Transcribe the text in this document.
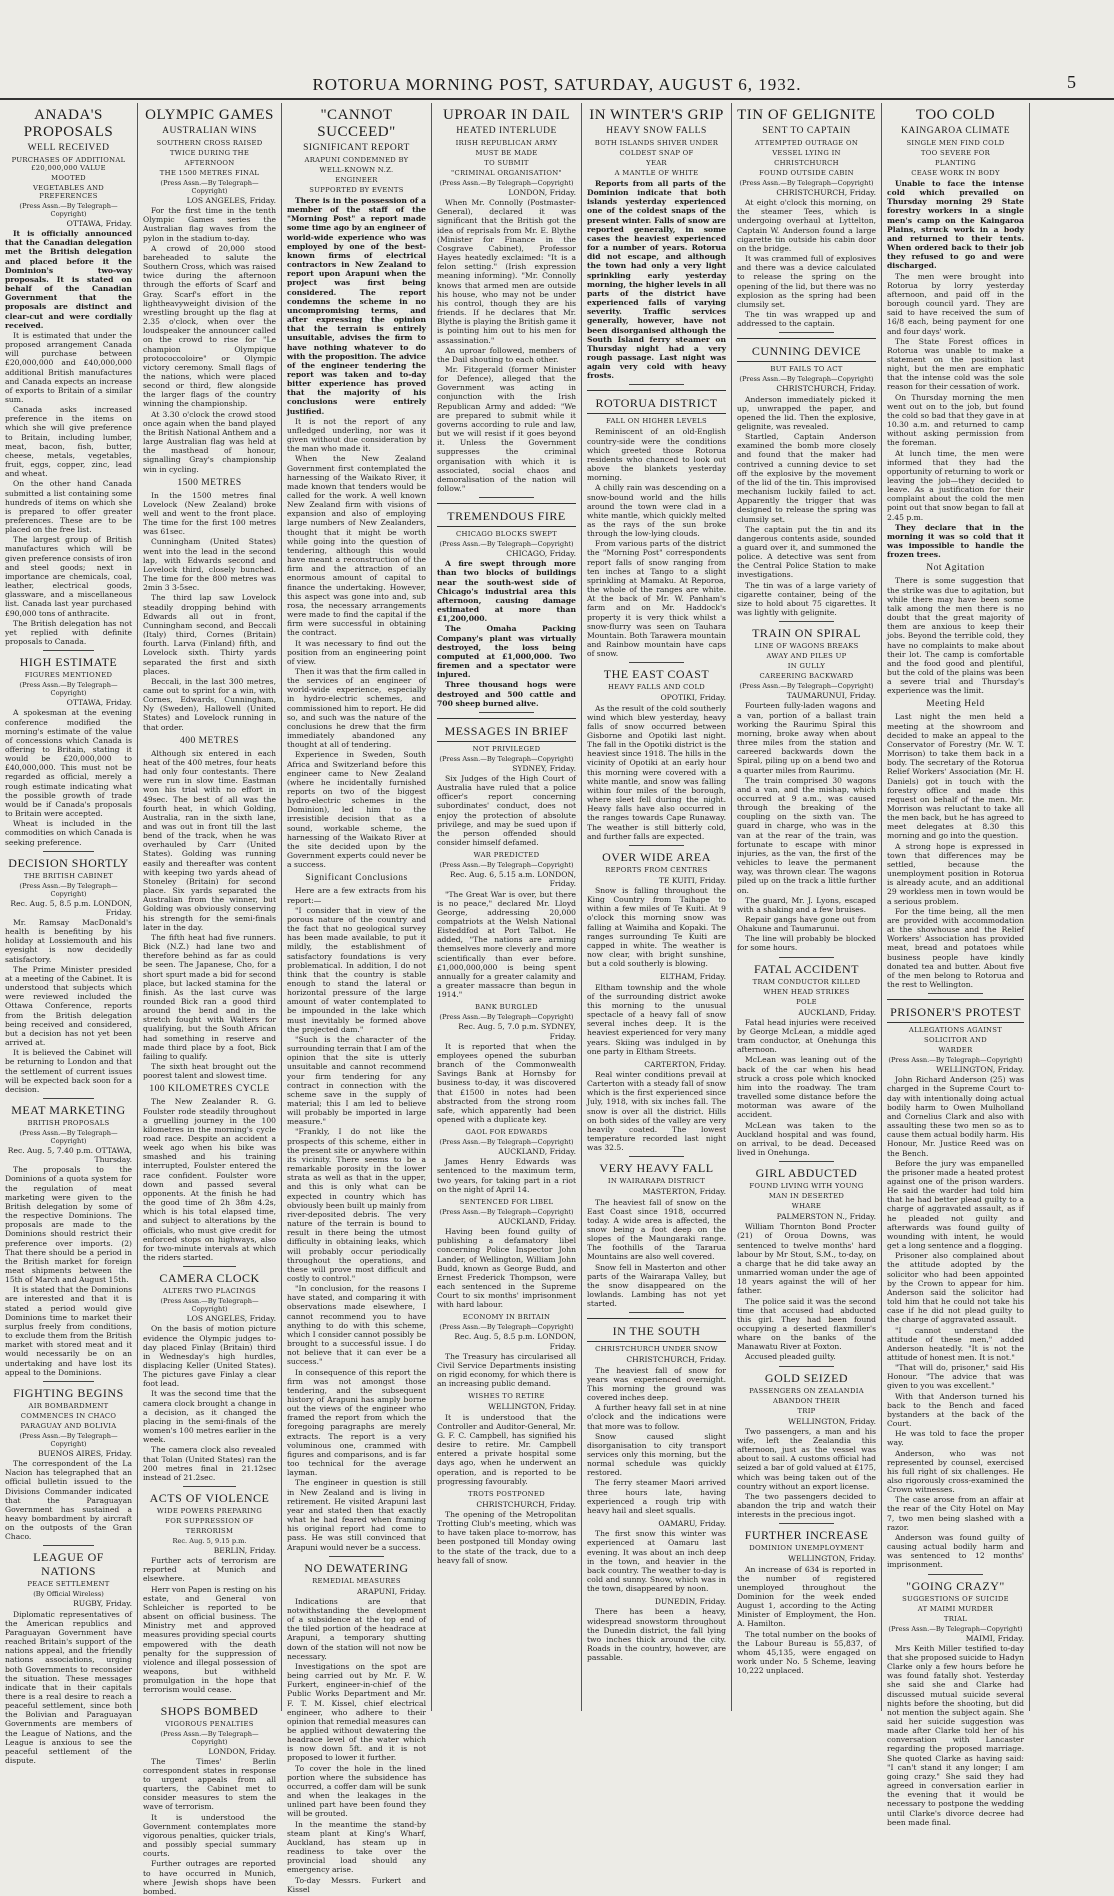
ROTORUA MORNING POST, SATURDAY, AUGUST 6, 1932.	5
ANADA'S PROPOSALS
WELL RECEIVED
PURCHASES OF ADDITIONAL £20,000,000 VALUE
MOOTED
VEGETABLES AND PREFERENCES
(Press Assn.—By Telegraph—Copyright)
OTTAWA, Friday.

It is officially announced that the Canadian delegation met the British delegation and placed before it the Dominion's two-way proposals. It is stated on behalf of the Canadian Government that the proposals are distinct and clear-cut and were cordially received.

It is estimated that under the proposed arrangement Canada will purchase between £20,000,000 and £40,000,000 additional British manufactures and Canada expects an increase of exports to Britain of a similar sum.

Canada asks increased preference in the items on which she will give preference to Britain, including lumber, meat, bacon, fish, butter, cheese, metals, vegetables, fruit, eggs, copper, zinc, lead and wheat.

On the other hand Canada submitted a list containing some hundreds of items on which she is prepared to offer greater preferences. These are to be placed on the free list.

The largest group of British manufactures which will be given preference consists of iron and steel goods; next in importance are chemicals, coal, leather, electrical goods, glassware, and a miscellaneous list. Canada last year purchased £90,000 tons of anthracite.

The British delegation has not yet replied with definite proposals to Canada.

HIGH ESTIMATE
FIGURES MENTIONED
(Press Assn.—By Telegraph—Copyright)
OTTAWA, Friday.

A spokesman at the evening conference modified the morning's estimate of the value of concessions which Canada is offering to Britain, stating it would be £20,000,000 to £40,000,000. This must not be regarded as official, merely a rough estimate indicating what the possible growth of trade would be if Canada's proposals to Britain were accepted.

Wheat is included in the commodities on which Canada is seeking preference.

DECISION SHORTLY
THE BRITISH CABINET
(Press Assn.—By Telegraph—Copyright)
Rec. Aug. 5, 8.5 p.m. LONDON, Friday.

Mr. Ramsay MacDonald's health is benefiting by his holiday at Lossiemouth and his eyesight is now decidedly satisfactory.

The Prime Minister presided at a meeting of the Cabinet. It is understood that subjects which were reviewed included the Ottawa Conference, reports from the British delegation being received and considered, but a decision has not yet been arrived at.

It is believed the Cabinet will be returning to London and that the settlement of current issues will be expected back soon for a decision.

MEAT MARKETING
BRITISH PROPOSALS
(Press Assn.—By Telegraph—Copyright)
Rec. Aug. 5, 7.40 p.m. OTTAWA, Thursday.

The proposals to the Dominions of a quota system for the regulation of meat marketing were given to the British delegation by some of the respective Dominions. The proposals are made to the Dominions should restrict their preference over imports. (2) That there should be a period in the British market for foreign meat shipments between the 15th of March and August 15th.

It is stated that the Dominions are interested and that it is stated a period would give Dominions time to market their surplus freely from conditions, to exclude them from the British market with stored meat and it would necessarily be on an undertaking and have lost its appeal to the Dominions.

FIGHTING BEGINS
AIR BOMBARDMENT
COMMENCES IN CHACO
PARAGUAY AND BOLIVIA
(Press Assn.—By Telegraph—Copyright)
BUENOS AIRES, Friday.

The correspondent of the La Nacion has telegraphed that an official bulletin issued to the Divisions Commander indicated that the Paraguayan Government has sustained a heavy bombardment by aircraft on the outposts of the Gran Chaco.

LEAGUE OF NATIONS
PEACE SETTLEMENT
(By Official Wireless)
RUGBY, Friday.

Diplomatic representatives of the American republics and Paraguayan Government have reached Britain's support of the nations appeal, and the friendly nations associations, urging both Governments to reconsider the situation. These messages indicate that in their capitals there is a real desire to reach a peaceful settlement, since both the Bolivian and Paraguayan Governments are members of the League of Nations, and the League is anxious to see the peaceful settlement of the dispute.

OLYMPIC GAMES
AUSTRALIAN WINS
SOUTHERN CROSS RAISED
TWICE DURING THE
AFTERNOON
THE 1500 METRES FINAL
(Press Assn.—By Telegraph—Copyright)
LOS ANGELES, Friday.

For the first time in the tenth Olympic Games series the Australian flag waves from the pylon in the stadium to-day.

A crowd of 20,000 stood bareheaded to salute the Southern Cross, which was raised twice during the afternoon through the efforts of Scarf and Gray. Scarf's effort in the lightheavyweight division of the wrestling brought up the flag at 2.35 o'clock, when over the loudspeaker the announcer called on the crowd to rise for "Le champion Olympique protococcoloire" or Olympic victory ceremony. Small flags of the nations, which were placed second or third, flew alongside the larger flags of the country winning the championship.

At 3.30 o'clock the crowd stood once again when the band played the British National Anthem and a large Australian flag was held at the masthead of honour, signalling Gray's championship win in cycling.

1500 METRES

In the 1500 metres final Lovelock (New Zealand) broke well and went to the front place. The time for the first 100 metres was 61sec.

Cunningham (United States) went into the lead in the second lap, with Edwards second and Lovelock third, closely bunched. The time for the 800 metres was 2min 3 3-5sec.

The third lap saw Lovelock steadily dropping behind with Edwards all out in front, Cunningham second, and Beccali (Italy) third, Cornes (Britain) fourth. Larva (Finland) fifth, and Lovelock sixth. Thirty yards separated the first and sixth places.

Beccali, in the last 300 metres, came out to sprint for a win, with Cornes, Edwards, Cunningham, Ny (Sweden), Hallowell (United States) and Lovelock running in that order.

400 METRES

Although six entered in each heat of the 400 metres, four heats had only four contestants. There were run in slow time. Eastman won his trial with no effort in 49sec. The best of all was the fourth heat, in which Golding, Australia, ran in the sixth lane, and was out in front till the last bend of the track, when he was overhauled by Carr (United States). Golding was running easily and thereafter was content with keeping two yards ahead of Stoneley (Britain) for second place. Six yards separated the Australian from the winner, but Golding was obviously conserving his strength for the semi-finals later in the day.

The fifth heat had five runners. Bick (N.Z.) had lane two and therefore behind as far as could be seen. The Japanese, Cho, for a short spurt made a bid for second place, but lacked stamina for the finish. As the last curve was rounded Bick ran a good third around the bend and in the stretch fought with Walters for qualifying, but the South African had something in reserve and made third place by a foot, Bick failing to qualify.

The sixth heat brought out the poorest talent and slowest time.

100 KILOMETRES CYCLE

The New Zealander R. G. Foulster rode steadily throughout a gruelling journey in the 100 kilometres in the morning's cycle road race. Despite an accident a week ago when his bike was smashed and his training interrupted, Foulster entered the race confident. Foulster wore down and passed several opponents. At the finish he had the good time of 2h 38m 4.2s, which is his total elapsed time, and subject to alterations by the officials, who must give credit for enforced stops on highways, also for two-minute intervals at which the riders started.

CAMERA CLOCK
ALTERS TWO PLACINGS
(Press Assn.—By Telegraph—Copyright)
LOS ANGELES, Friday.

On the basis of motion picture evidence the Olympic judges to-day placed Finlay (Britain) third in Wednesday's high hurdles, displacing Keller (United States). The pictures gave Finlay a clear foot lead.

It was the second time that the camera clock brought a change in a decision, as it changed the placing in the semi-finals of the women's 100 metres earlier in the week.

The camera clock also revealed that Tolan (United States) ran the 200 metres final in 21.12sec instead of 21.2sec.

ACTS OF VIOLENCE
WIDE POWERS PREPARING
FOR SUPPRESSION OF
TERRORISM
Rec. Aug. 5, 9.15 p.m.
BERLIN, Friday.

Further acts of terrorism are reported at Munich and elsewhere.

Herr von Papen is resting on his estate, and General von Schleicher is reported to be absent on official business. The Ministry met and approved measures providing special courts empowered with the death penalty for the suppression of violence and illegal possession of weapons, but withheld promulgation in the hope that terrorism would cease.

SHOPS BOMBED
VIGOROUS PENALTIES
(Press Assn.—By Telegraph—Copyright)
LONDON, Friday.

The Times' Berlin correspondent states in response to urgent appeals from all quarters, the Cabinet met to consider measures to stem the wave of terrorism.

It is understood the Government contemplates more vigorous penalties, quicker trials, and possibly special summary courts.

Further outrages are reported to have occurred in Munich, where Jewish shops have been bombed.

"CANNOT SUCCEED"
SIGNIFICANT REPORT
ARAPUNI CONDEMNED BY
WELL-KNOWN N.Z.
ENGINEER
SUPPORTED BY EVENTS

There is in the possession of a member of the staff of the "Morning Post" a report made some time ago by an engineer of world-wide experience who was employed by one of the best-known firms of electrical contractors in New Zealand to report upon Arapuni when the project was first being considered. The report condemns the scheme in no uncompromising terms, and after expressing the opinion that the terrain is entirely unsuitable, advises the firm to have nothing whatever to do with the proposition. The advice of the engineer tendering the report was taken and to-day bitter experience has proved that the majority of his conclusions were entirely justified.

It is not the report of any unfledged underling, nor was it given without due consideration by the man who made it.

When the New Zealand Government first contemplated the harnessing of the Waikato River, it made known that tenders would be called for the work. A well known New Zealand firm with visions of expansion and also of employing large numbers of New Zealanders, thought that it might be worth while going into the question of tendering, although this would have meant a reconstruction of the firm and the attraction of an enormous amount of capital to finance the undertaking. However, this aspect was gone into and, sub rosa, the necessary arrangements were made to find the capital if the firm were successful in obtaining the contract.

It was necessary to find out the position from an engineering point of view.

Then it was that the firm called in the services of an engineer of world-wide experience, especially in hydro-electric schemes, and commissioned him to report. He did so, and such was the nature of the conclusions he drew that the firm immediately abandoned any thought at all of tendering.

Experience in Sweden, South Africa and Switzerland before this engineer came to New Zealand (where he incidentally furnished reports on two of the biggest hydro-electric schemes in the Dominion), led him to the irresistible decision that as a sound, workable scheme, the harnessing of the Waikato River at the site decided upon by the Government experts could never be a success.

Significant Conclusions

Here are a few extracts from his report:—

"I consider that in view of the porous nature of the country and the fact that no geological survey has been made available, to put it mildly, the establishment of satisfactory foundations is very problematical. In addition, I do not think that the country is stable enough to stand the lateral or horizontal pressure of the large amount of water contemplated to be impounded in the lake which must inevitably be formed above the projected dam."

"Such is the character of the surrounding terrain that I am of the opinion that the site is utterly unsuitable and cannot recommend your firm tendering for any contract in connection with the scheme save in the supply of material; this I am led to believe will probably be imported in large measure."

"Frankly, I do not like the prospects of this scheme, either in the present site or anywhere within its vicinity. There seems to be a remarkable porosity in the lower strata as well as that in the upper, and this is only what can be expected in country which has obviously been built up mainly from river-deposited debris. The very nature of the terrain is bound to result in there being the utmost difficulty in obtaining leaks, which will probably occur periodically throughout the operations, and these will prove most difficult and costly to control."

"In conclusion, for the reasons I have stated, and comparing it with observations made elsewhere, I cannot recommend you to have anything to do with this scheme, which I consider cannot possibly be brought to a successful issue. I do not believe that it can ever be a success."

In consequence of this report the firm was not amongst those tendering, and the subsequent history of Arapuni has amply borne out the views of the engineer who framed the report from which the foregoing paragraphs are merely extracts. The report is a very voluminous one, crammed with figures and comparisons, and is far too technical for the average layman.

The engineer in question is still in New Zealand and is living in retirement. He visited Arapuni last year and stated then that exactly what he had feared when framing his original report had come to pass. He was still convinced that Arapuni would never be a success.

NO DEWATERING
REMEDIAL MEASURES
ARAPUNI, Friday.

Indications are that notwithstanding the development of a subsidence at the top end of the tiled portion of the headrace at Arapuni, a temporary shutting down of the station will not now be necessary.

Investigations on the spot are being carried out by Mr. F. W. Furkert, engineer-in-chief of the Public Works Department and Mr. F. T. M. Kissel, chief electrical engineer, who adhere to their opinion that remedial measures can be applied without dewatering the headrace level of the water which is now down 5ft. and it is not proposed to lower it further.

To cover the hole in the lined portion where the subsidence has occurred, a coffer dam will be sunk and when the leakages in the unlined part have been found they will be grouted.

In the meantime the stand-by steam plant at King's Wharf, Auckland, has steam up in readiness to take over the provincial load should any emergency arise.

To-day Messrs. Furkert and Kissel

UPROAR IN DAIL
HEATED INTERLUDE
IRISH REPUBLICAN ARMY
MUST BE MADE
TO SUBMIT
"CRIMINAL ORGANISATION"
(Press Assn.—By Telegraph—Copyright)
LONDON, Friday.

When Mr. Connolly (Postmaster-General), declared it was significant that the British got the idea of reprisals from Mr. E. Blythe (Minister for Finance in the Cosgrave Cabinet), Professor Hayes heatedly exclaimed: "It is a felon setting." (Irish expression meaning informing). "Mr. Connolly knows that armed men are outside his house, who may not be under his control, though they are his friends. If he declares that Mr. Blythe is playing the British game it is pointing him out to his men for assassination."

An uproar followed, members of the Dail shouting to each other.

Mr. Fitzgerald (former Minister for Defence), alleged that the Government was acting in conjunction with the Irish Republican Army and added: "We are prepared to submit while it governs according to rule and law, but we will resist if it goes beyond it. Unless the Government suppresses the criminal organisation with which it is associated, social chaos and demoralisation of the nation will follow."

TREMENDOUS FIRE
CHICAGO BLOCKS SWEPT
(Press Assn.—By Telegraph—Copyright)
CHICAGO, Friday.

A fire swept through more than two blocks of buildings near the south-west side of Chicago's industrial area this afternoon, causing damage estimated at more than £1,200,000.

The Omaha Packing Company's plant was virtually destroyed, the loss being computed at £1,000,000. Two firemen and a spectator were injured.

Three thousand hogs were destroyed and 500 cattle and 700 sheep burned alive.

MESSAGES IN BRIEF
NOT PRIVILEGED
(Press Assn.—By Telegraph—Copyright)
SYDNEY, Friday.

Six Judges of the High Court of Australia have ruled that a police officer's report concerning subordinates' conduct, does not enjoy the protection of absolute privilege, and may be sued upon if the person offended should consider himself defamed.

WAR PREDICTED
(Press Assn.—By Telegraph—Copyright)
Rec. Aug. 6, 5.15 a.m. LONDON, Friday.

"The Great War is over, but there is no peace," declared Mr. Lloyd George, addressing 20,000 compatriots at the Welsh National Eisteddfod at Port Talbot. He added, "The nations are arming themselves more cleverly and more scientifically than ever before. £1,000,000,000 is being spent annually for a greater calamity and a greater massacre than begun in 1914."

BANK BURGLED
(Press Assn.—By Telegraph—Copyright)
Rec. Aug. 5, 7.0 p.m. SYDNEY, Friday.

It is reported that when the employees opened the suburban branch of the Commonwealth Savings Bank at Hornsby for business to-day, it was discovered that £1500 in notes had been abstracted from the strong room safe, which apparently had been opened with a duplicate key.

GAOL FOR EDWARDS
(Press Assn.—By Telegraph—Copyright)
AUCKLAND, Friday.

James Henry Edwards was sentenced to the maximum term, two years, for taking part in a riot on the night of April 14.

SENTENCED FOR LIBEL
(Press Assn.—By Telegraph—Copyright)
AUCKLAND, Friday.

Having been found guilty of publishing a defamatory libel concerning Police Inspector John Lander, of Wellington, William John Budd, known as George Budd, and Ernest Frederick Thompson, were each sentenced in the Supreme Court to six months' imprisonment with hard labour.

ECONOMY IN BRITAIN
(Press Assn.—By Telegraph—Copyright)
Rec. Aug. 5, 8.5 p.m. LONDON, Friday.

The Treasury has circularised all Civil Service Departments insisting on rigid economy, for which there is an increasing public demand.

WISHES TO RETIRE
WELLINGTON, Friday.

It is understood that the Controller and Auditor-General, Mr. G. F. C. Campbell, has signified his desire to retire. Mr. Campbell entered a private hospital some days ago, when he underwent an operation, and is reported to be progressing favourably.

TROTS POSTPONED
CHRISTCHURCH, Friday.

The opening of the Metropolitan Trotting Club's meeting, which was to have taken place to-morrow, has been postponed till Monday owing to the state of the track, due to a heavy fall of snow.

IN WINTER'S GRIP
HEAVY SNOW FALLS
BOTH ISLANDS SHIVER UNDER
COLDEST SNAP OF
YEAR
A MANTLE OF WHITE

Reports from all parts of the Dominion indicate that both islands yesterday experienced one of the coldest snaps of the present winter. Falls of snow are reported generally, in some cases the heaviest experienced for a number of years. Rotorua did not escape, and although the town had only a very light sprinkling early yesterday morning, the higher levels in all parts of the district have experienced falls of varying severity. Traffic services generally, however, have not been disorganised although the South Island ferry steamer on Thursday night had a very rough passage. Last night was again very cold with heavy frosts.

ROTORUA DISTRICT
FALL ON HIGHER LEVELS

Reminiscent of an old-English country-side were the conditions which greeted those Rotorua residents who chanced to look out above the blankets yesterday morning.

A chilly rain was descending on a snow-bound world and the hills around the town were clad in a white mantle, which quickly melted as the rays of the sun broke through the low-lying clouds.

From various parts of the district the "Morning Post" correspondents report falls of snow ranging from ten inches at Tango to a slight sprinkling at Mamaku. At Reporoa, the whole of the ranges are white. At the back of Mr. W. Panham's farm and on Mr. Haddock's property it is very thick whilst a snow-flurry was seen on Tauhara Mountain. Both Tarawera mountain and Rainbow mountain have caps of snow.

THE EAST COAST
HEAVY FALLS AND COLD
OPOTIKI, Friday.

As the result of the cold southerly wind which blew yesterday, heavy falls of snow occurred between Gisborne and Opotiki last night. The fall in the Opotiki district is the heaviest since 1918. The hills in the vicinity of Opotiki at an early hour this morning were covered with a white mantle, and snow was falling within four miles of the borough, where sleet fell during the night. Heavy falls have also occurred in the ranges towards Cape Runaway. The weather is still bitterly cold, and further falls are expected.

OVER WIDE AREA
REPORTS FROM CENTRES
TE KUITI, Friday.

Snow is falling throughout the King Country from Taihape to within a few miles of Te Kuiti. At 9 o'clock this morning snow was falling at Waimiha and Kopaki. The ranges surrounding Te Kuiti are capped in white. The weather is now clear, with bright sunshine, but a cold southerly is blowing.

ELTHAM, Friday.

Eltham township and the whole of the surrounding district awoke this morning to the unusual spectacle of a heavy fall of snow several inches deep. It is the heaviest experienced for very many years. Skiing was indulged in by one party in Eltham Streets.

CARTERTON, Friday.

Real winter conditions prevail at Carterton with a steady fall of snow which is the first experienced since July, 1918, with six inches fall. The snow is over all the district. Hills on both sides of the valley are very heavily coated. The lowest temperature recorded last night was 32.5.

VERY HEAVY FALL
IN WAIRARAPA DISTRICT
MASTERTON, Friday.

The heaviest fall of snow on the East Coast since 1918, occurred today. A wide area is affected, the snow being a foot deep on the slopes of the Maungaraki range. The foothills of the Tararua Mountains are also well covered.

Snow fell in Masterton and other parts of the Wairarapa Valley, but the snow disappeared on the lowlands. Lambing has not yet started.

IN THE SOUTH
CHRISTCHURCH UNDER SNOW
CHRISTCHURCH, Friday.

The heaviest fall of snow for years was experienced overnight. This morning the ground was covered inches deep.

A further heavy fall set in at nine o'clock and the indications were that more was to follow.

Snow caused slight disorganisation to city transport services only this morning, but the normal schedule was quickly restored.

The ferry steamer Maori arrived three hours late, having experienced a rough trip with heavy hail and sleet squalls.

OAMARU, Friday.

The first snow this winter was experienced at Oamaru last evening. It was about an inch deep in the town, and heavier in the back country. The weather to-day is cold and sunny. Snow, which was in the town, disappeared by noon.

DUNEDIN, Friday.

There has been a heavy, widespread snowstorm throughout the Dunedin district, the fall lying two inches thick around the city. Roads in the country, however, are passable.

TIN OF GELIGNITE
SENT TO CAPTAIN
ATTEMPTED OUTRAGE ON
VESSEL LYING IN
CHRISTCHURCH
FOUND OUTSIDE CABIN
(Press Assn.—By Telegraph—Copyright)
CHRISTCHURCH, Friday.

At eight o'clock this morning, on the steamer Tees, which is undergoing overhaul at Lyttelton, Captain W. Anderson found a large cigarette tin outside his cabin door on the bridge.

It was crammed full of explosives and there was a device calculated to release the spring on the opening of the lid, but there was no explosion as the spring had been clumsily set.

The tin was wrapped up and addressed to the captain.

CUNNING DEVICE
BUT FAILS TO ACT
(Press Assn.—By Telegraph—Copyright)
CHRISTCHURCH, Friday.

Anderson immediately picked it up, unwrapped the paper, and opened the lid. Then the explosive, gelignite, was revealed.

Startled, Captain Anderson examined the bomb more closely and found that the maker had contrived a cunning device to set off the explosive by the movement of the lid of the tin. This improvised mechanism luckily failed to act. Apparently the trigger that was designed to release the spring was clumsily set.

The captain put the tin and its dangerous contents aside, sounded a guard over it, and summoned the police. A detective was sent from the Central Police Station to make investigations.

The tin was of a large variety of cigarette container, being of the size to hold about 75 cigarettes. It was lightly with gelignite.

TRAIN ON SPIRAL
LINE OF WAGONS BREAKS
AWAY AND PILES UP
IN GULLY
CAREERING BACKWARD
(Press Assn.—By Telegraph—Copyright)
TAUMARUNUI, Friday.

Fourteen fully-laden wagons and a van, portion of a ballast train working the Raurimu Spiral this morning, broke away when about three miles from the station and careered backwards down the Spiral, piling up on a bend two and a quarter miles from Raurimu.

The train comprised 30 wagons and a van, and the mishap, which occurred at 9 a.m., was caused through the breaking of the coupling on the sixth van. The guard in charge, who was in the van at the rear of the train, was fortunate to escape with minor injuries, as the van, the first of the vehicles to leave the permanent way, was thrown clear. The wagons piled up on the track a little further on.

The guard, Mr. J. Lyons, escaped with a shaking and a few bruises.

Repair gangs have gone out from Ohakune and Taumarunui.

The line will probably be blocked for some hours.

FATAL ACCIDENT
TRAM CONDUCTOR KILLED
WHEN HEAD STRIKES
POLE
AUCKLAND, Friday.

Fatal head injuries were received by George McLean, a middle aged tram conductor, at Onehunga this afternoon.

McLean was leaning out of the back of the car when his head struck a cross pole which knocked him into the roadway. The tram travelled some distance before the motorman was aware of the accident.

McLean was taken to the Auckland hospital and was found, on arrival, to be dead. Deceased lived in Onehunga.

GIRL ABDUCTED
FOUND LIVING WITH YOUNG
MAN IN DESERTED
WHARE
PALMERSTON N., Friday.

William Thornton Bond Procter (21) of Oroua Downs, was sentenced to twelve months' hard labour by Mr Stout, S.M., to-day, on a charge that he did take away an unmarried woman under the age of 18 years against the will of her father.

The police said it was the second time that accused had abducted this girl. They had been found occupying a deserted flaxmiller's whare on the banks of the Manawatu River at Foxton.

Accused pleaded guilty.

GOLD SEIZED
PASSENGERS ON ZEALANDIA
ABANDON THEIR
TRIP
WELLINGTON, Friday.

Two passengers, a man and his wife, left the Zealandia this afternoon, just as the vessel was about to sail. A customs official had seized a bar of gold valued at £175, which was being taken out of the country without an export license.

The two passengers decided to abandon the trip and watch their interests in the precious ingot.

FURTHER INCREASE
DOMINION UNEMPLOYMENT
WELLINGTON, Friday.

An increase of 634 is reported in the number of registered unemployed throughout the Dominion for the week ended August 1, according to the Acting Minister of Employment, the Hon. A. Hamilton.

The total number on the books of the Labour Bureau is 55,837, of whom 45,135, were engaged on work under No. 5 Scheme, leaving 10,222 unplaced.

TOO COLD
KAINGAROA CLIMATE
SINGLE MEN FIND COLD
TOO SEVERE FOR
PLANTING
CEASE WORK IN BODY

Unable to face the intense cold which prevailed on Thursday morning 29 State forestry workers in a single men's camp on the Kaingaroa Plains, struck work in a body and returned to their tents. When ordered back to their job they refused to go and were discharged.

The men were brought into Rotorua by lorry yesterday afternoon, and paid off in the borough council yard. They are said to have received the sum of 16/8 each, being payment for one and four days' work.

The State Forest offices in Rotorua was unable to make a statement on the position last night, but the men are emphatic that the intense cold was the sole reason for their cessation of work.

On Thursday morning the men went out on to the job, but found the cold so bad that they gave in at 10.30 a.m. and returned to camp without asking permission from the foreman.

At lunch time, the men were informed that they had the opportunity of returning to work or leaving the job—they decided to leave. As a justification for their complaint about the cold the men point out that snow began to fall at 2.45 p.m.

They declare that in the morning it was so cold that it was impossible to handle the frozen trees.

Not Agitation

There is some suggestion that the strike was due to agitation, but while there may have been some talk among the men there is no doubt that the great majority of them are anxious to keep their jobs. Beyond the terrible cold, they have no complaints to make about their lot. The camp is comfortable and the food good and plentiful, but the cold of the plains was been a severe trial and Thursday's experience was the limit.

Meeting Held

Last night the men held a meeting at the showroom and decided to make an appeal to the Conservator of Forestry (Mr. W. T. Morrison) to take them back in a body. The secretary of the Rotorua Relief Workers' Association (Mr. H. Daniels) got in touch with the forestry office and made this request on behalf of the men. Mr. Morrison was reluctant to take all the men back, but he has agreed to meet delegates at 8.30 this morning and go into the question.

A strong hope is expressed in town that differences may be settled, because the unemployment position in Rotorua is already acute, and an additional 29 workless men in town would be a serious problem.

For the time being, all the men are provided with accommodation at the showhouse and the Relief Workers' Association has provided meat, bread and potatoes while business people have kindly donated tea and butter. About five of the men belong to Rotorua and the rest to Wellington.

PRISONER'S PROTEST
ALLEGATIONS AGAINST
SOLICITOR AND
WARDER
(Press Assn.—By Telegraph—Copyright)
WELLINGTON, Friday.

John Richard Anderson (25) was charged in the Supreme Court to-day with intentionally doing actual bodily harm to Owen Mulholland and Cornelius Clark and also with assaulting these two men so as to cause them actual bodily harm. His Honour, Mr. Justice Reed was on the Bench.

Before the jury was empanelled the prisoner made a heated protest against one of the prison warders. He said the warder had told him that he had better plead guilty to a charge of aggravated assault, as if he pleaded not guilty and afterwards was found guilty of wounding with intent, he would get a long sentence and a flogging.

Prisoner also complained about the attitude adopted by the solicitor who had been appointed by the Crown to appear for him. Anderson said the solicitor had told him that he could not take his case if he did not plead guilty to the charge of aggravated assault.

"I cannot understand the attitude of these men," added Anderson heatedly. "It is not the attitude of honest men. It is not."

"That will do, prisoner," said His Honour. "The advice that was given to you was excellent."

With that Anderson turned his back to the Bench and faced bystanders at the back of the Court.

He was told to face the proper way.

Anderson, who was not represented by counsel, exercised his full right of six challenges. He also rigorously cross-examined the Crown witnesses.

The case arose from an affair at the rear of the City Hotel on May 7, two men being slashed with a razor.

Anderson was found guilty of causing actual bodily harm and was sentenced to 12 months' imprisonment.

"GOING CRAZY"
SUGGESTIONS OF SUICIDE
AT MAIMI MURDER
TRIAL
(Press Assn.—By Telegraph—Copyright)
MAIMI, Friday.

Mrs Keith Miller testified to-day that she proposed suicide to Hadyn Clarke only a few hours before he was found fatally shot. Yesterday she said she and Clarke had discussed mutual suicide several nights before the shooting, but did not mention the subject again. She said her suicide suggestion was made after Clarke told her of his conversation with Lancaster regarding the proposed marriage. She quoted Clarke as having said: "I can't stand it any longer; I am going crazy." She said they had agreed in conversation earlier in the evening that it would be necessary to postpone the wedding until Clarke's divorce decree had been made final.
